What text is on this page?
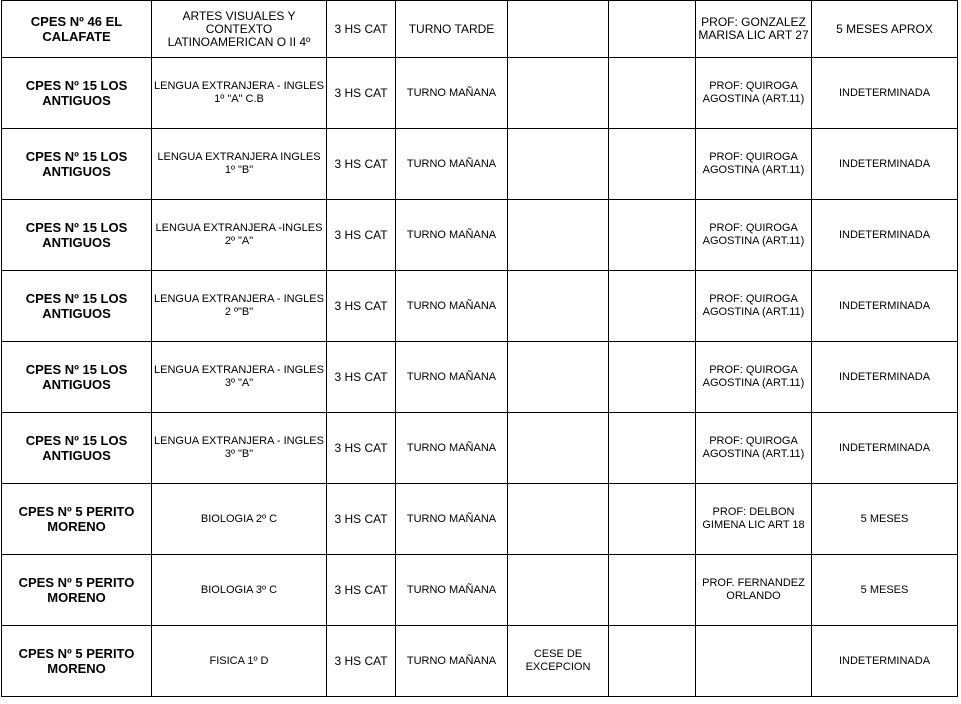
CPES Nº 46 EL CALAFATE	ARTES VISUALES Y CONTEXTO LATINOAMERICAN O II 4º	3 HS CAT	TURNO TARDE			PROF: GONZALEZ MARISA LIC ART 27	5 MESES APROX
CPES Nº 15 LOS ANTIGUOS	LENGUA EXTRANJERA - INGLES 1º "A" C.B	3 HS CAT	TURNO MAÑANA			PROF: QUIROGA AGOSTINA (ART.11)	INDETERMINADA
CPES Nº 15 LOS ANTIGUOS	LENGUA EXTRANJERA INGLES 1º "B"	3 HS CAT	TURNO MAÑANA			PROF: QUIROGA AGOSTINA (ART.11)	INDETERMINADA
CPES Nº 15 LOS ANTIGUOS	LENGUA EXTRANJERA -INGLES 2º "A"	3 HS CAT	TURNO MAÑANA			PROF: QUIROGA AGOSTINA (ART.11)	INDETERMINADA
CPES Nº 15 LOS ANTIGUOS	LENGUA EXTRANJERA - INGLES 2 º"B"	3 HS CAT	TURNO MAÑANA			PROF: QUIROGA AGOSTINA (ART.11)	INDETERMINADA
CPES Nº 15 LOS ANTIGUOS	LENGUA EXTRANJERA - INGLES 3º "A"	3 HS CAT	TURNO MAÑANA			PROF: QUIROGA AGOSTINA (ART.11)	INDETERMINADA
CPES Nº 15 LOS ANTIGUOS	LENGUA EXTRANJERA - INGLES 3º "B"	3 HS CAT	TURNO MAÑANA			PROF: QUIROGA AGOSTINA (ART.11)	INDETERMINADA
CPES Nº 5 PERITO MORENO	BIOLOGIA 2º C	3 HS CAT	TURNO MAÑANA			PROF: DELBON GIMENA LIC ART 18	5 MESES
CPES Nº 5 PERITO MORENO	BIOLOGIA 3º C	3 HS CAT	TURNO MAÑANA			PROF. FERNANDEZ ORLANDO	5 MESES
CPES Nº 5 PERITO MORENO	FISICA 1º D	3 HS CAT	TURNO MAÑANA	CESE DE EXCEPCION			INDETERMINADA
